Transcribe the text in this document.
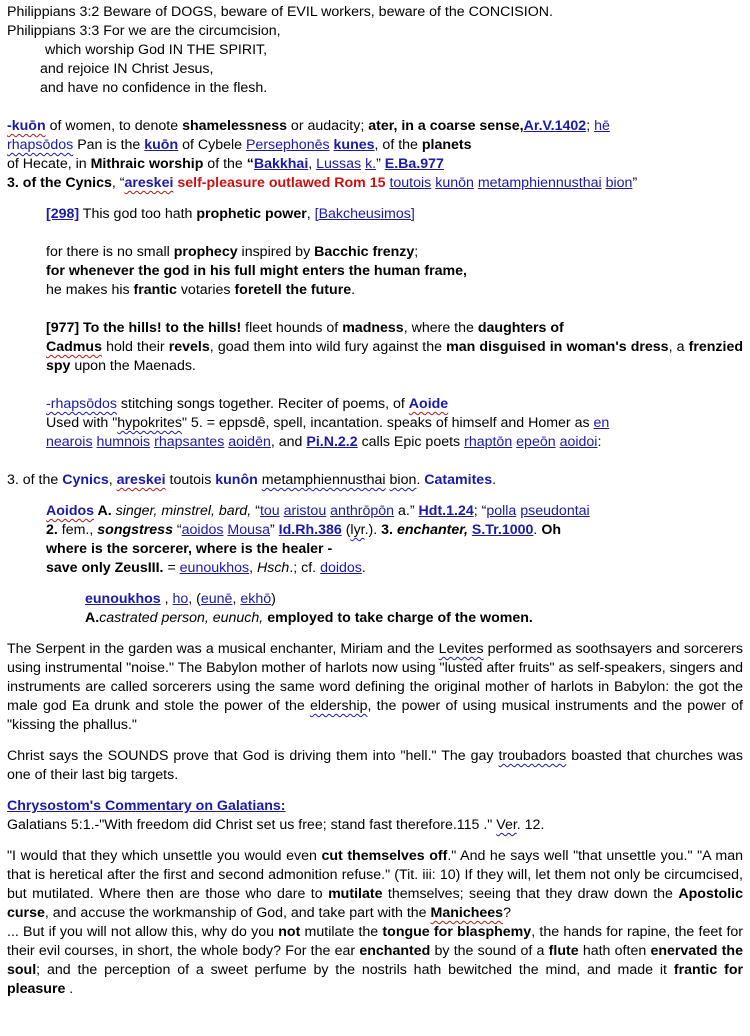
Philippians 3:2 Beware of DOGS, beware of EVIL workers, beware of the CONCISION.

Philippians 3:3 For we are the circumcision,

which worship God IN THE SPIRIT,

and rejoice IN Christ Jesus,

and have no confidence in the flesh.

-kuōn of women, to denote shamelessness or audacity; ater, in a coarse sense,Ar.V.1402; hē
rhapsōdos Pan is the kuōn of Cybele Persephonēs kunes, of the planets
of Hecate, in Mithraic worship of the “Bakkhai, Lussas k.” E.Ba.977

3. of the Cynics, “areskei self-pleasure outlawed Rom 15 toutois kunōn metamphiennusthai bion”

[298] This god too hath prophetic power, [Bakcheusimos]

for there is no small prophecy inspired by Bacchic frenzy;

for whenever the god in his full might enters the human frame,

he makes his frantic votaries foretell the future.

[977] To the hills! to the hills! fleet hounds of madness, where the daughters of
Cadmus hold their revels, goad them into wild fury against the man disguised in woman's dress, a frenzied spy upon the Maenads.

-rhapsōdos stitching songs together. Reciter of poems, of Aoide
Used with "hypokrites" 5. = eppsdê, spell, incantation. speaks of himself and Homer as en
nearois humnois rhapsantes aoidēn, and Pi.N.2.2 calls Epic poets rhaptōn epeōn aoidoi:

3. of the Cynics, areskei toutois kunôn metamphiennusthai bion. Catamites.

Aoidos A. singer, minstrel, bard, “tou aristou anthrōpōn a.” Hdt.1.24; “polla pseudontai
2. fem., songstress “aoidos Mousa” Id.Rh.386 (lyr.). 3. enchanter, S.Tr.1000. Oh
where is the sorcerer, where is the healer -
save only ZeusIII. = eunoukhos, Hsch.; cf. doidos.

eunoukhos , ho, (eunē, ekhō)
A.castrated person, eunuch, employed to take charge of the women.

The Serpent in the garden was a musical enchanter, Miriam and the Levites performed as soothsayers and sorcerers using instrumental "noise." The Babylon mother of harlots now using "lusted after fruits" as self-speakers, singers and instruments are called sorcerers using the same word defining the original mother of harlots in Babylon: the got the male god Ea drunk and stole the power of the eldership, the power of using musical instruments and the power of "kissing the phallus."

Christ says the SOUNDS prove that God is driving them into "hell." The gay troubadors boasted that churches was one of their last big targets.

Chrysostom's Commentary on Galatians:

Galatians 5:1.-"With freedom did Christ set us free; stand fast therefore.115 ." Ver. 12.

"I would that they which unsettle you would even cut themselves off." And he says well "that unsettle you." "A man that is heretical after the first and second admonition refuse." (Tit. iii: 10) If they will, let them not only be circumcised, but mutilated. Where then are those who dare to mutilate themselves; seeing that they draw down the Apostolic curse, and accuse the workmanship of God, and take part with the Manichees?

... But if you will not allow this, why do you not mutilate the tongue for blasphemy, the hands for rapine, the feet for their evil courses, in short, the whole body? For the ear enchanted by the sound of a flute hath often enervated the soul; and the perception of a sweet perfume by the nostrils hath bewitched the mind, and made it frantic for pleasure .
